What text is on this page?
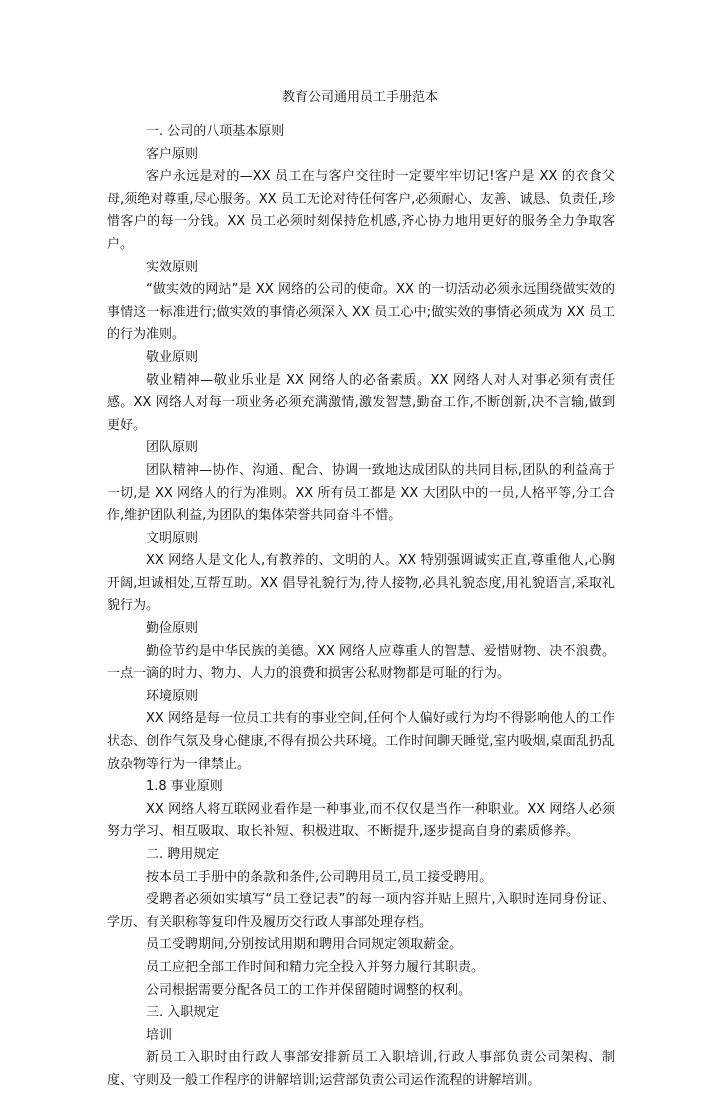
教育公司通用员工手册范本

一. 公司的八项基本原则

客户原则

客户永远是对的—XX 员工在与客户交往时一定要牢牢切记!客户是 XX 的衣食父母,须绝对尊重,尽心服务。XX 员工无论对待任何客户,必须耐心、友善、诚恳、负责任,珍惜客户的每一分钱。XX 员工必须时刻保持危机感,齐心协力地用更好的服务全力争取客户。

实效原则

“做实效的网站”是 XX 网络的公司的使命。XX 的一切活动必须永远围绕做实效的事情这一标准进行;做实效的事情必须深入 XX 员工心中;做实效的事情必须成为 XX 员工的行为准则。

敬业原则

敬业精神—敬业乐业是 XX 网络人的必备素质。XX 网络人对人对事必须有责任感。XX 网络人对每一项业务必须充满激情,激发智慧,勤奋工作,不断创新,决不言输,做到更好。

团队原则

团队精神—协作、沟通、配合、协调一致地达成团队的共同目标,团队的利益高于一切,是 XX 网络人的行为准则。XX 所有员工都是 XX 大团队中的一员,人格平等,分工合作,维护团队利益,为团队的集体荣誉共同奋斗不惜。

文明原则

XX 网络人是文化人,有教养的、文明的人。XX 特别强调诚实正直,尊重他人,心胸开阔,坦诚相处,互帮互助。XX 倡导礼貌行为,待人接物,必具礼貌态度,用礼貌语言,采取礼貌行为。

勤俭原则

勤俭节约是中华民族的美德。XX 网络人应尊重人的智慧、爱惜财物、决不浪费。一点一滴的时力、物力、人力的浪费和损害公私财物都是可耻的行为。

环境原则

XX 网络是每一位员工共有的事业空间,任何个人偏好或行为均不得影响他人的工作状态、创作气氛及身心健康,不得有损公共环境。工作时间聊天睡觉,室内吸烟,桌面乱扔乱放杂物等行为一律禁止。

1.8 事业原则

XX 网络人将互联网业看作是一种事业,而不仅仅是当作一种职业。XX 网络人必须努力学习、相互吸取、取长补短、积极进取、不断提升,逐步提高自身的素质修养。

二. 聘用规定

按本员工手册中的条款和条件,公司聘用员工,员工接受聘用。

受聘者必须如实填写“员工登记表”的每一项内容并贴上照片,入职时连同身份证、学历、有关职称等复印件及履历交行政人事部处理存档。

员工受聘期间,分别按试用期和聘用合同规定领取薪金。

员工应把全部工作时间和精力完全投入并努力履行其职责。

公司根据需要分配各员工的工作并保留随时调整的权利。

三. 入职规定

培训

新员工入职时由行政人事部安排新员工入职培训,行政人事部负责公司架构、制度、守则及一般工作程序的讲解培训;运营部负责公司运作流程的讲解培训。
